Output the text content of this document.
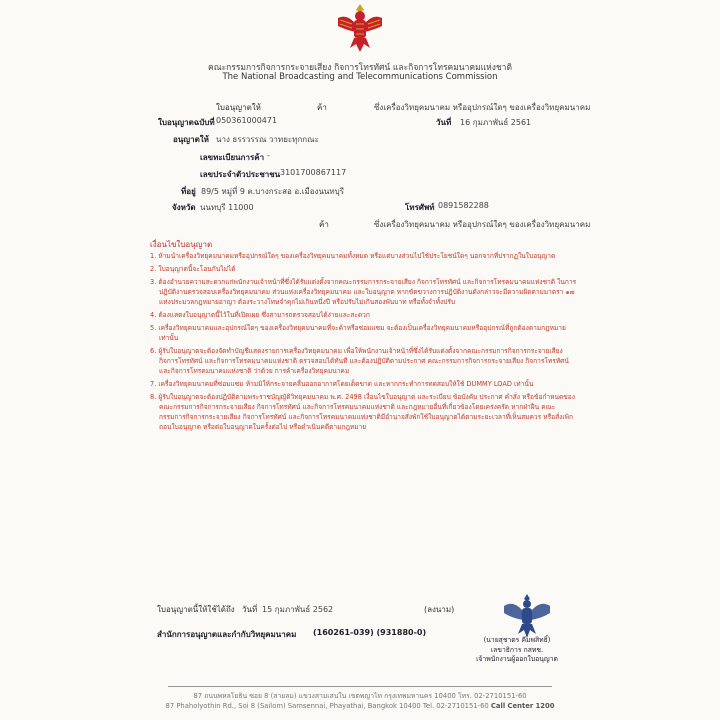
คณะกรรมการกิจการกระจายเสียง กิจการโทรทัศน์ และกิจการโทรคมนาคมแห่งชาติ
The National Broadcasting and Telecommunications Commission
ใบอนุญาตให้	ค้า	ซึ่งเครื่องวิทยุคมนาคม หรืออุปกรณ์ใดๆ ของเครื่องวิทยุคมนาคม
ใบอนุญาตฉบับที่ 050361000471	วันที่ 16 กุมภาพันธ์ 2561
อนุญาตให้ นาง ธรรวรรณ วาทยะทุกกณะ
เลขทะเบียนการค้า -
เลขประจำตัวประชาชน 3101700867117
ที่อยู่ 89/5 หมู่ที่ 9 ต.บางกระสอ อ.เมืองนนทบุรี
จังหวัด นนทบุรี 11000	โทรศัพท์ 0891582288
ค้า	ซึ่งเครื่องวิทยุคมนาคม หรืออุปกรณ์ใดๆ ของเครื่องวิทยุคมนาคม
เงื่อนไขใบอนุญาต
1. ห้ามนำเครื่องวิทยุคมนาคมหรืออุปกรณ์ใดๆ ของเครื่องวิทยุคมนาคมทั้งหมด หรือแต่บางส่วนไปใช้ประโยชน์ใดๆ นอกจากที่ปรากฏในใบอนุญาต
2. ใบอนุญาตนี้จะโอนกันไม่ได้
3. ต้องอำนวยความสะดวกแก่พนักงานเจ้าหน้าที่ซึ่งได้รับแต่งตั้งจากคณะกรรมการกระจายเสียง กิจการโทรทัศน์ และกิจการโทรคมนาคมแห่งชาติ ในการปฏิบัติงานตรวจสอบเครื่องวิทยุคมนาคม ส่วนแห่งเครื่องวิทยุคมนาคม และใบอนุญาต หากขัดขวางการปฏิบัติงานดังกล่าวจะมีความผิดตามมาตรา ๑๗ แห่งประมวลกฎหมายอาญา ต้องระวางโทษจำคุกไม่เกินหนึ่งปี หรือปรับไม่เกินสองพันบาท หรือทั้งจำทั้งปรับ
4. ต้องแสดงใบอนุญาตนี้ไว้ในที่เปิดเผย ซึ่งสามารถตรวจสอบได้ง่ายและสะดวก
5. เครื่องวิทยุคมนาคมและอุปกรณ์ใดๆ ของเครื่องวิทยุคมนาคมที่จะค้าหรือซ่อมแซม จะต้องเป็นเครื่องวิทยุคมนาคมหรืออุปกรณ์ที่ถูกต้องตามกฎหมายเท่านั้น
6. ผู้รับใบอนุญาตจะต้องจัดทำบัญชีแสดงรายการเครื่องวิทยุคมนาคม เพื่อให้พนักงานเจ้าหน้าที่ซึ่งได้รับแต่งตั้งจากคณะกรรมการกิจการกระจายเสียง กิจการโทรทัศน์ และกิจการโทรคมนาคมแห่งชาติ ตรวจสอบได้ทันที และต้องปฏิบัติตามประกาศ คณะกรรมการกิจการกระจายเสียง กิจการโทรทัศน์ และกิจการโทรคมนาคมแห่งชาติ ว่าด้วย การค้าเครื่องวิทยุคมนาคม
7. เครื่องวิทยุคมนาคมที่ซ่อมแซม ห้ามมิให้กระจายคลื่นออกอากาศโดยเด็ดขาด และหากกระทำการทดสอบให้ใช้ DUMMY LOAD เท่านั้น
8. ผู้รับใบอนุญาตจะต้องปฏิบัติตามพระราชบัญญัติวิทยุคมนาคม พ.ศ. 2498 เงื่อนไขใบอนุญาต และระเบียบ ข้อบังคับ ประกาศ คำสั่ง หรือข้อกำหนดของคณะกรรมการกิจการกระจายเสียง กิจการโทรทัศน์ และกิจการโทรคมนาคมแห่งชาติ และกฎหมายอื่นที่เกี่ยวข้องโดยเคร่งครัด หากฝ่าฝืน คณะกรรมการกิจการกระจายเสียง กิจการโทรทัศน์ และกิจการโทรคมนาคมแห่งชาติมีอำนาจสั่งพักใช้ใบอนุญาตได้ตามระยะเวลาที่เห็นสมควร หรือสั่งเพิกถอนใบอนุญาต หรือต่อใบอนุญาตในครั้งต่อไป หรือดำเนินคดีตามกฎหมาย
ใบอนุญาตนี้ให้ใช้ได้ถึง วันที่ 15 กุมภาพันธ์ 2562	(ลงนาม)
สำนักการอนุญาตและกำกับวิทยุคมนาคม (160261-039) (931880-0)
(นายสุชาตร คีมพสิทธิ์)
เลขาธิการ กสทช.
เจ้าพนักงานผู้ออกใบอนุญาต
87 ถนนพหลโยธิน ซอย 8 (สายลม) แขวงสามเสนใน เขตพญาไท กรุงเทพมหานคร 10400 โทร. 02-2710151-60
87 Phaholyothin Rd., Soi 8 (Sailom) Samsennai, Phayathai, Bangkok 10400 Tel. 02-2710151-60 Call Center 1200
